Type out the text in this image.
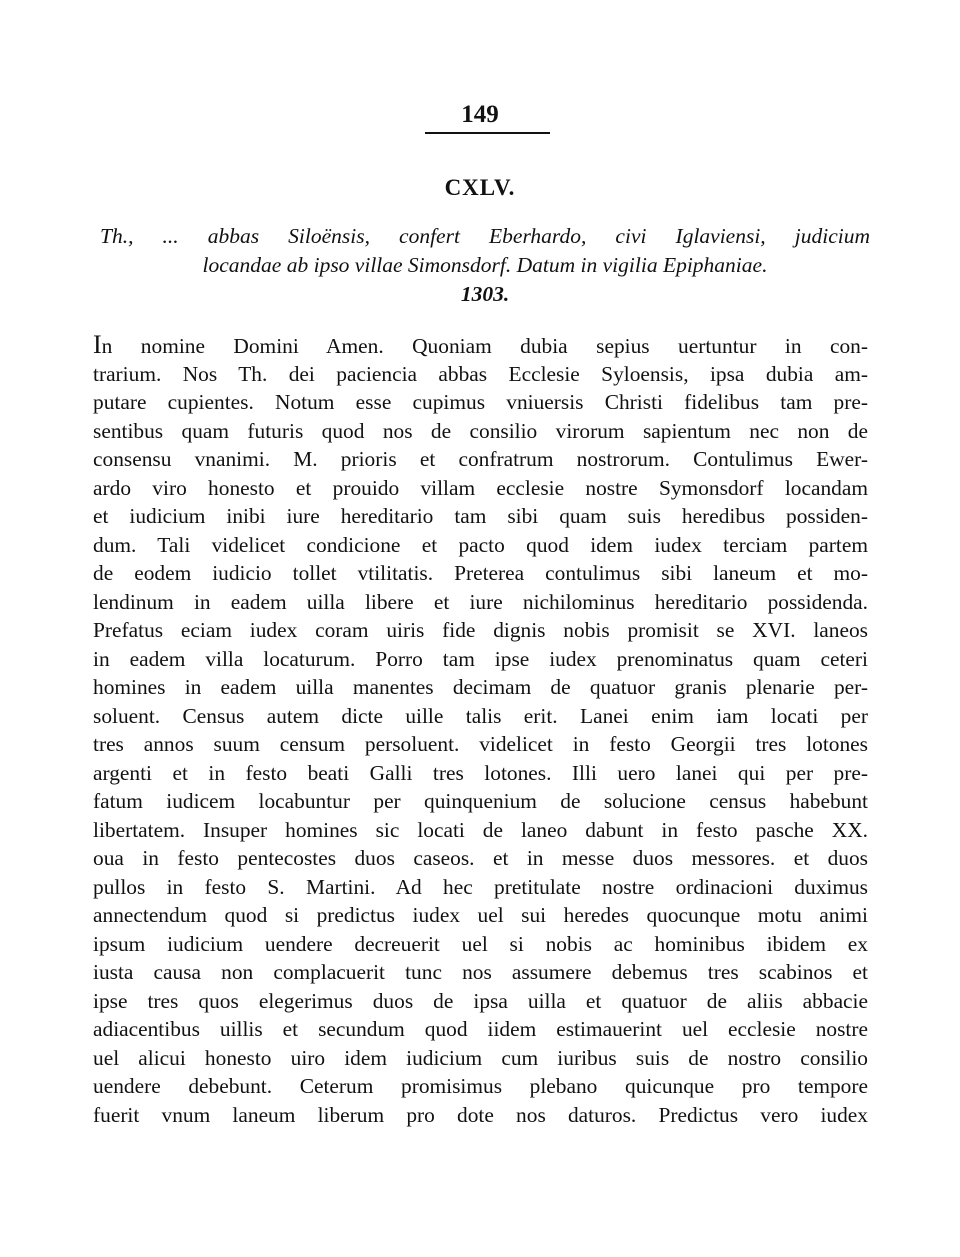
149
CXLV.
Th., ... abbas Siloënsis, confert Eberhardo, civi Iglaviensi, judicium
locandae ab ipso villae Simonsdorf. Datum in vigilia Epiphaniae.
1303.
In nomine Domini Amen. Quoniam dubia sepius uertuntur in con-
trarium. Nos Th. dei paciencia abbas Ecclesie Syloensis, ipsa dubia am-
putare cupientes. Notum esse cupimus vniuersis Christi fidelibus tam pre-
sentibus quam futuris quod nos de consilio virorum sapientum nec non de
consensu vnanimi. M. prioris et confratrum nostrorum. Contulimus Ewer-
ardo viro honesto et prouido villam ecclesie nostre Symonsdorf locandam
et iudicium inibi iure hereditario tam sibi quam suis heredibus possiden-
dum. Tali videlicet condicione et pacto quod idem iudex terciam partem
de eodem iudicio tollet vtilitatis. Preterea contulimus sibi laneum et mo-
lendinum in eadem uilla libere et iure nichilominus hereditario possidenda.
Prefatus eciam iudex coram uiris fide dignis nobis promisit se XVI. laneos
in eadem villa locaturum. Porro tam ipse iudex prenominatus quam ceteri
homines in eadem uilla manentes decimam de quatuor granis plenarie per-
soluent. Census autem dicte uille talis erit. Lanei enim iam locati per
tres annos suum censum persoluent. videlicet in festo Georgii tres lotones
argenti et in festo beati Galli tres lotones. Illi uero lanei qui per pre-
fatum iudicem locabuntur per quinquenium de solucione census habebunt
libertatem. Insuper homines sic locati de laneo dabunt in festo pasche XX.
oua in festo pentecostes duos caseos. et in messe duos messores. et duos
pullos in festo S. Martini. Ad hec pretitulate nostre ordinacioni duximus
annectendum quod si predictus iudex uel sui heredes quocunque motu animi
ipsum iudicium uendere decreuerit uel si nobis ac hominibus ibidem ex
iusta causa non complacuerit tunc nos assumere debemus tres scabinos et
ipse tres quos elegerimus duos de ipsa uilla et quatuor de aliis abbacie
adiacentibus uillis et secundum quod iidem estimauerint uel ecclesie nostre
uel alicui honesto uiro idem iudicium cum iuribus suis de nostro consilio
uendere debebunt. Ceterum promisimus plebano quicunque pro tempore
fuerit vnum laneum liberum pro dote nos daturos. Predictus vero iudex
